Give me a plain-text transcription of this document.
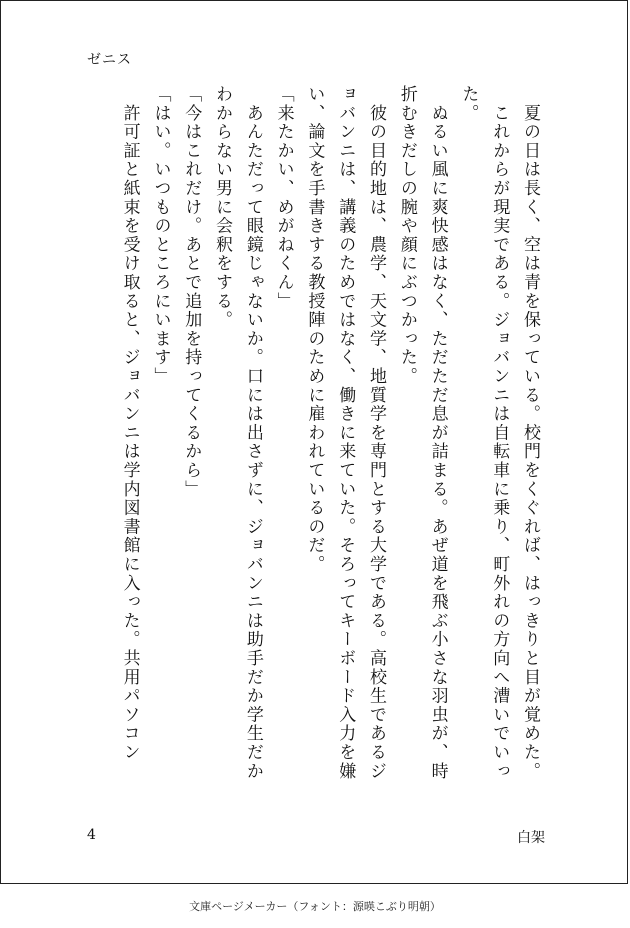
ゼニス

　夏の日は長く、空は青を保っている。校門をくぐれば、はっきりと目が覚めた。

　これからが現実である。ジョバンニは自転車に乗り、町外れの方向へ漕いでいった。

　ぬるい風に爽快感はなく、ただただ息が詰まる。あぜ道を飛ぶ小さな羽虫が、時折むきだしの腕や顔にぶつかった。

　彼の目的地は、農学、天文学、地質学を専門とする大学である。高校生であるジョバンニは、講義のためではなく、働きに来ていた。そろってキーボード入力を嫌い、論文を手書きする教授陣のために雇われているのだ。

「来たかい、めがねくん」

　あんただって眼鏡じゃないか。口には出さずに、ジョバンニは助手だか学生だかわからない男に会釈をする。

「今はこれだけ。あとで追加を持ってくるから」

「はい。いつものところにいます」

　許可証と紙束を受け取ると、ジョバンニは学内図書館に入った。共用パソコン

4	白架
文庫ページメーカー（フォント：源暎こぶり明朝）
